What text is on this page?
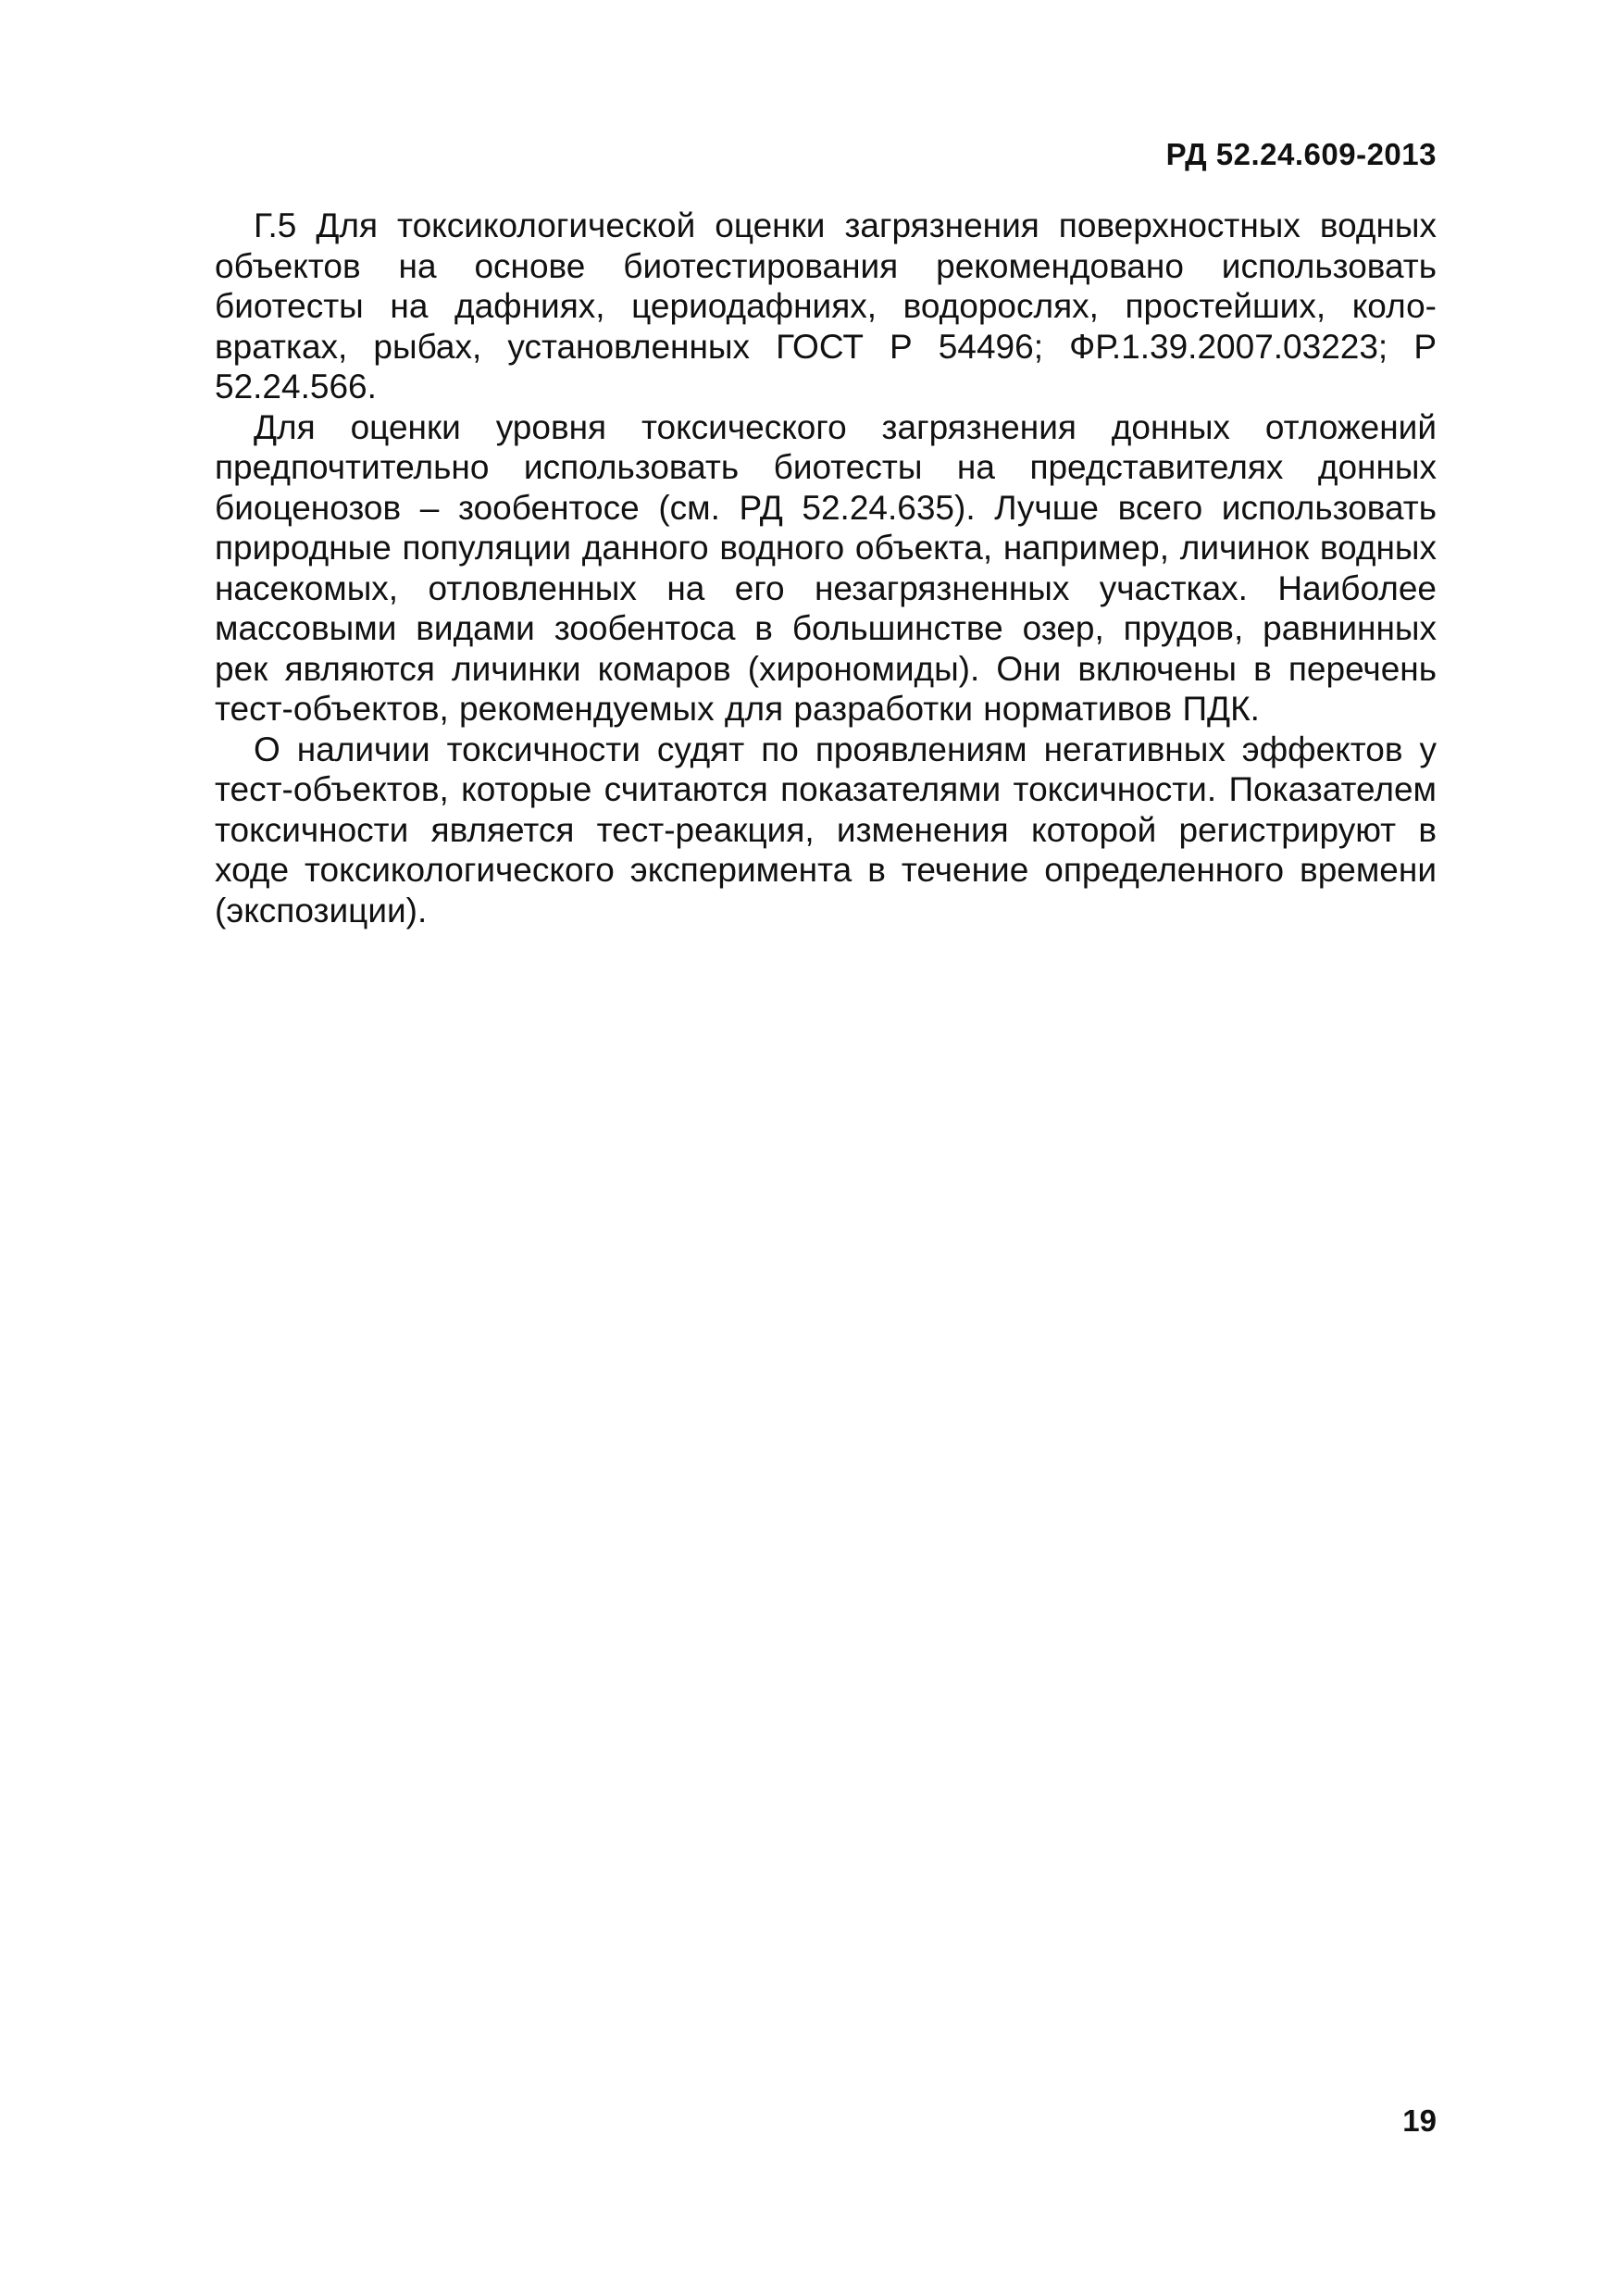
РД 52.24.609-2013

Г.5 Для токсикологической оценки загрязнения поверхностных водных объектов на основе биотестирования рекомендовано использовать биотесты на дафниях, цериодафниях, водорослях, простейших, коловратках, рыбах, установленных ГОСТ Р 54496; ФР.1.39.2007.03223; Р 52.24.566.

Для оценки уровня токсического загрязнения донных отложений предпочтительно использовать биотесты на представителях донных биоценозов – зообентосе (см. РД 52.24.635). Лучше всего использовать природные популяции данного водного объекта, например, личинок водных насекомых, отловленных на его незагрязненных участках. Наиболее массовыми видами зообентоса в большинстве озер, прудов, равнинных рек являются личинки комаров (хирономиды). Они включены в перечень тест-объектов, рекомендуемых для разработки нормативов ПДК.

О наличии токсичности судят по проявлениям негативных эффектов у тест-объектов, которые считаются показателями токсичности. Показателем токсичности является тест-реакция, изменения которой регистрируют в ходе токсикологического эксперимента в течение определенного времени (экспозиции).

19
